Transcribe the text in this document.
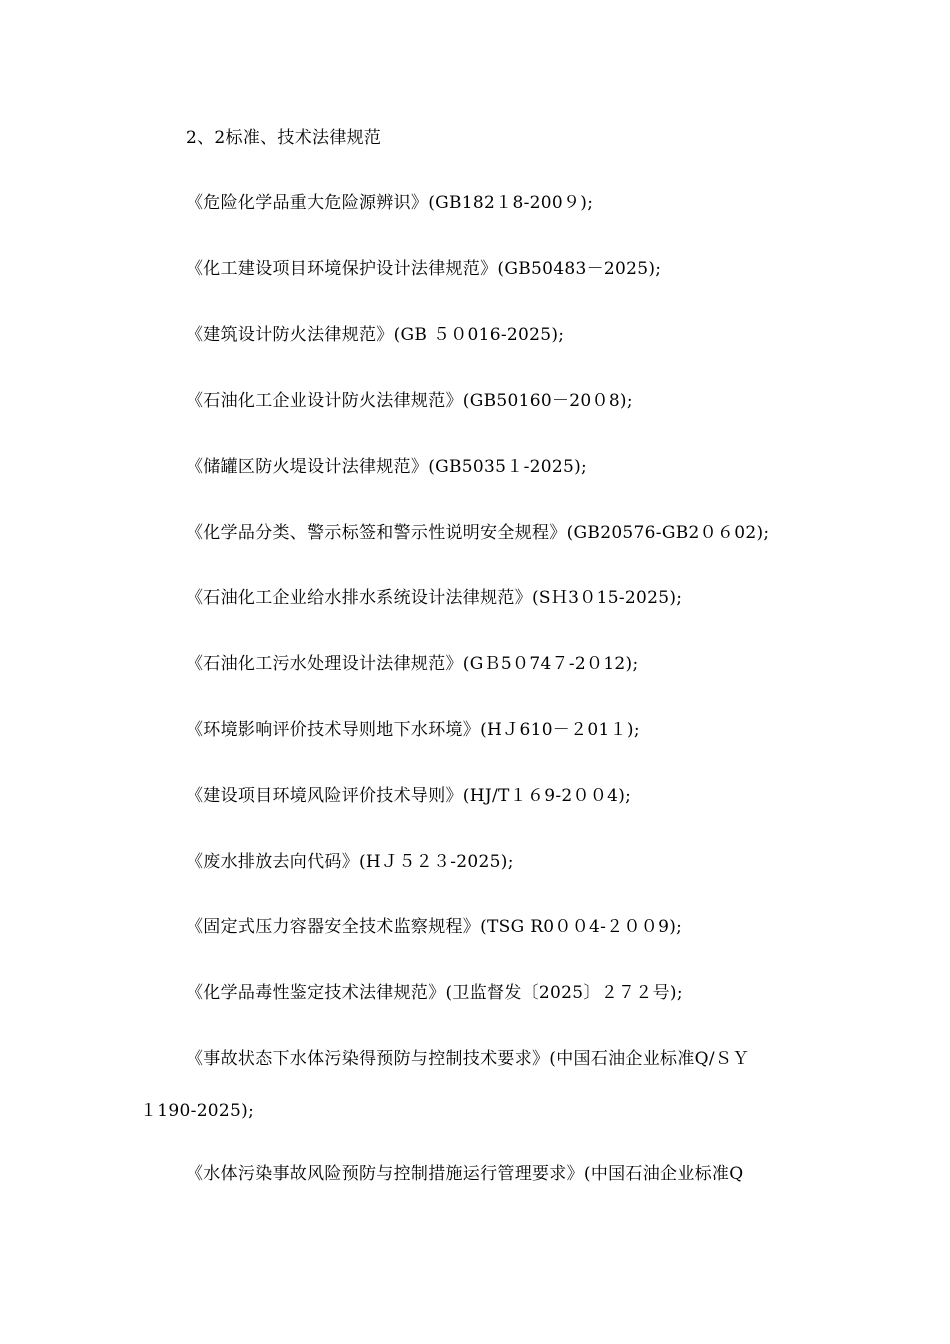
2、2标准、技术法律规范
《危险化学品重大危险源辨识》(GB182１8-200９);
《化工建设项目环境保护设计法律规范》(GB50483－2025);
《建筑设计防火法律规范》(GB ５０016-2025);
《石油化工企业设计防火法律规范》(GB50160－20０8);
《储罐区防火堤设计法律规范》(GB5035１-2025);
《化学品分类、警示标签和警示性说明安全规程》(GB20576-GB2０６02);
《石油化工企业给水排水系统设计法律规范》(SＨ3０15-2025);
《石油化工污水处理设计法律规范》(GＢ5０74７-2０12);
《环境影响评价技术导则地下水环境》(HＪ610－２01１);
《建设项目环境风险评价技术导则》(HJ/T１６9-2００4);
《废水排放去向代码》(HＪ５２３-2025);
《固定式压力容器安全技术监察规程》(TSG R0００4-２００9);
《化学品毒性鉴定技术法律规范》(卫监督发〔2025〕２７２号);
《事故状态下水体污染得预防与控制技术要求》(中国石油企业标准Q/ＳＹ
１190-2025);
《水体污染事故风险预防与控制措施运行管理要求》(中国石油企业标准Q
